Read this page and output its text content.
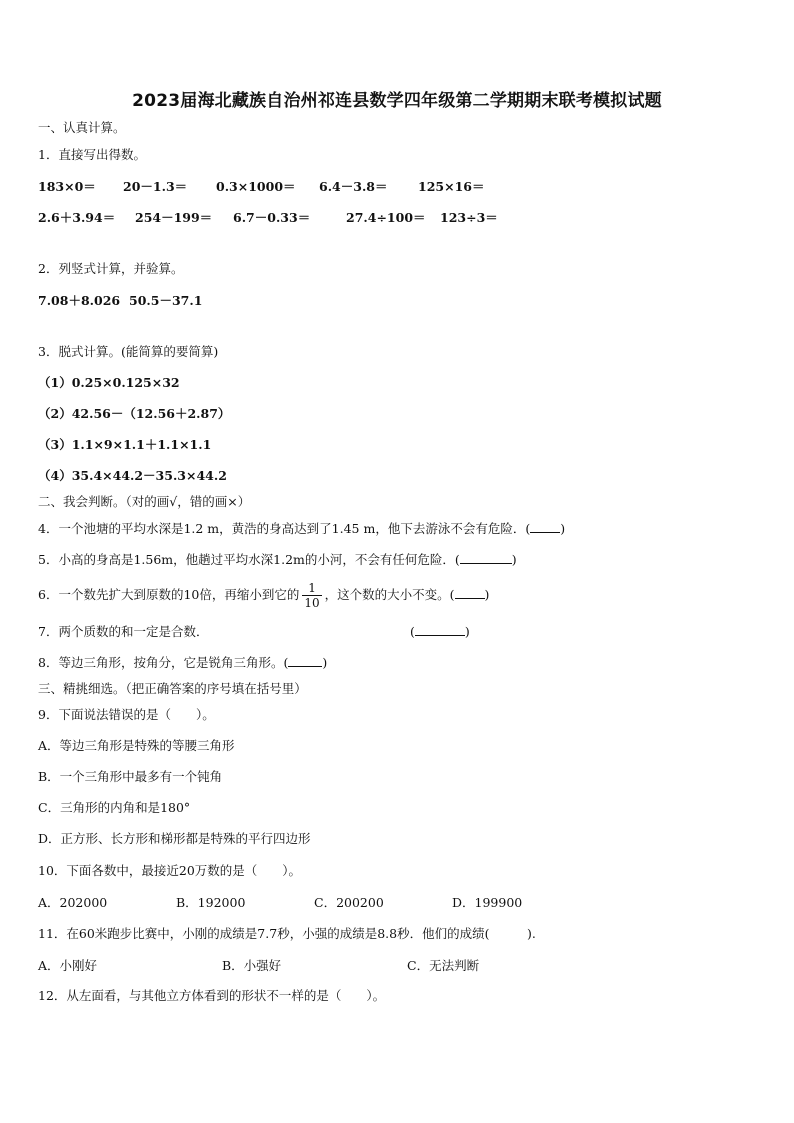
2023届海北藏族自治州祁连县数学四年级第二学期期末联考模拟试题
一、认真计算。
1．直接写出得数。
183×0＝ 20－1.3＝ 0.3×1000＝ 6.4－3.8＝ 125×16＝
2.6＋3.94＝ 254－199＝ 6.7－0.33＝	27.4÷100＝ 123÷3＝
2．列竖式计算，并验算。
7.08＋8.026 50.5－37.1
3．脱式计算。(能简算的要简算)
（1）0.25×0.125×32
（2）42.56－（12.56＋2.87）
（3）1.1×9×1.1＋1.1×1.1
（4）35.4×44.2－35.3×44.2
二、我会判断。（对的画√，错的画×）
4．一个池塘的平均水深是1.2 m，黄浩的身高达到了1.45 m，他下去游泳不会有危险．( )
5．小高的身高是1.56m，他趟过平均水深1.2m的小河，不会有任何危险．(	)
6．一个数先扩大到原数的10倍，再缩小到它的 $\frac{1}{10}$ ，这个数的大小不变。( )
7．两个质数的和一定是合数．	(	)
8．等边三角形，按角分，它是锐角三角形。(	)
三、精挑细选。（把正确答案的序号填在括号里）
9．下面说法错误的是（　　）。
A．等边三角形是特殊的等腰三角形
B．一个三角形中最多有一个钝角
C．三角形的内角和是180°
D．正方形、长方形和梯形都是特殊的平行四边形
10．下面各数中，最接近20万数的是（　　）。
A．202000	B．192000	C．200200	D．199900
11．在60米跑步比赛中，小刚的成绩是7.7秒，小强的成绩是8.8秒．他们的成绩(　　　).
A．小刚好	B．小强好	C．无法判断
12．从左面看，与其他立方体看到的形状不一样的是（　　）。
